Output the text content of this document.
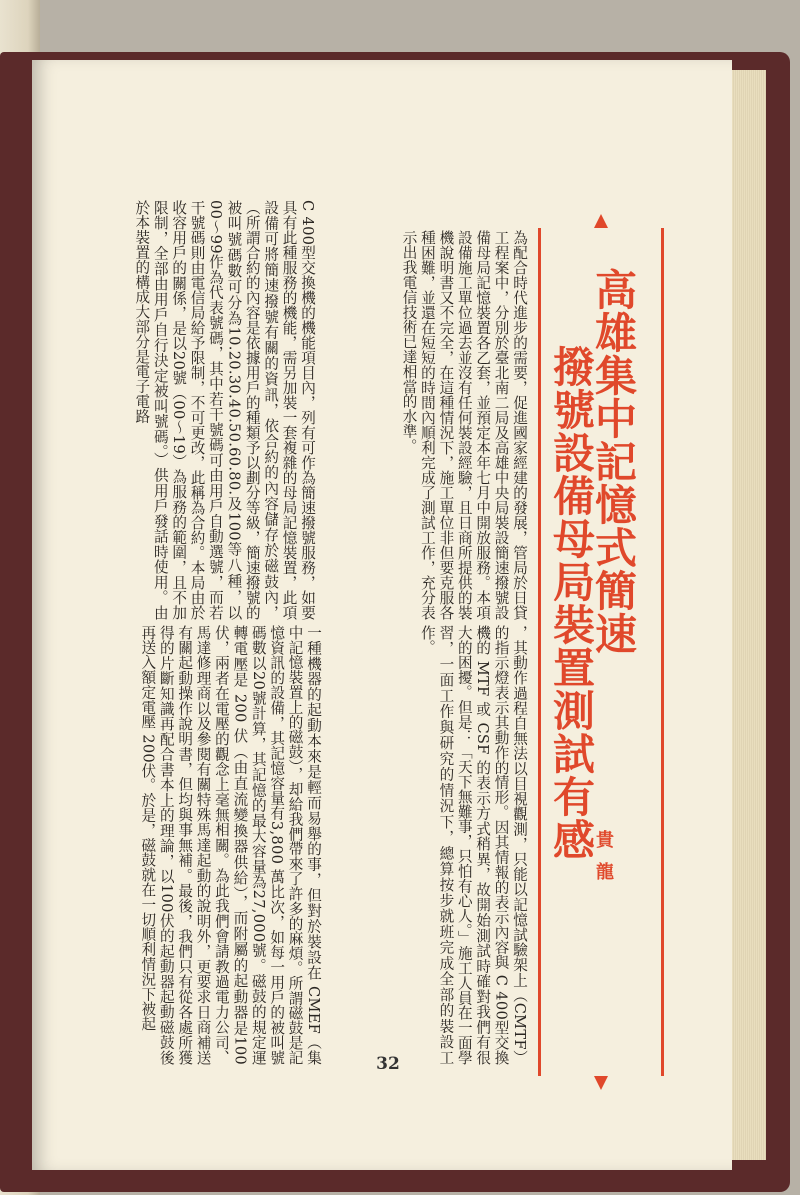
高雄集中記憶式簡速
撥號設備母局裝置測試有感
貴龍

為配合時代進步的需要，促進國家經建的發展，管局於日貸工程案中，分別於臺北南二局及高雄中央局裝設簡速撥號設備母局記憶裝置各乙套，並預定本年七月中開放服務。本項設備施工單位過去並沒有任何裝設經驗，且日商所提供的裝機說明書又不完全，在這種情況下，施工單位非但要克服各種困難，並還在短短的時間內順利完成了測試工作，充分表示出我電信技術已達相當的水準。

C 400型交換機的機能項目內，列有可作為簡速撥號服務，如要具有此種服務的機能，需另加裝一套複雜的母局記憶裝置，此項設備可將簡速撥號有關的資訊，依合約的內容儲存於磁鼓內，（所謂合約的內容是依據用戶的種類予以劃分等級，簡速撥號的被叫號碼數可分為10.20.30.40.50.60.80.及100等八種，以00～99作為代表號碼，其中若干號碼可由用戶自動選號，而若干號碼則由電信局給予限制，不可更改，此稱為合約。本局由於收容用戶的關係，是以20號（00～19）為服務的範圍，且不加限制，全部由用戶自行決定被叫號碼。）供用戶發話時使用。由於本裝置的構成大部分是電子電路

，其動作過程自無法以目視觀測，只能以記憶試驗架上（CMTF）的指示燈表示其動作的情形。因其情報的表示內容與 C 400型交換機的 MTF 或 CSF 的表示方式稍異，故開始測試時確對我們有很大的困擾。但是：「天下無難事，只怕有心人。」施工人員在一面學習，一面工作與研究的情況下，總算按步就班完成全部的裝設工作。

一種機器的起動本來是輕而易舉的事，但對於裝設在 CMEF（集中記憶裝置上的磁鼓），却給我們帶來了許多的麻煩。所謂磁鼓是記憶資訊的設備，其記憶容量有3,800 萬比次，如每一用戶的被叫號碼數以20號計算，其記憶的最大容量為27,000號。磁鼓的規定運轉電壓是 200 伏（由直流變換器供給），而附屬的起動器是100 伏，兩者在電壓的觀念上毫無相關。為此我們會請教過電力公司、馬達修理商以及參閱有關特殊馬達起動的說明外，更要求日商補送有關起動操作說明書，但均與事無補。最後，我們只有從各處所獲得的片斷知識再配合書本上的理論，以100伏的起動器起動磁鼓後再送入額定電壓 200伏。於是，磁鼓就在一切順利情況下被起

32
